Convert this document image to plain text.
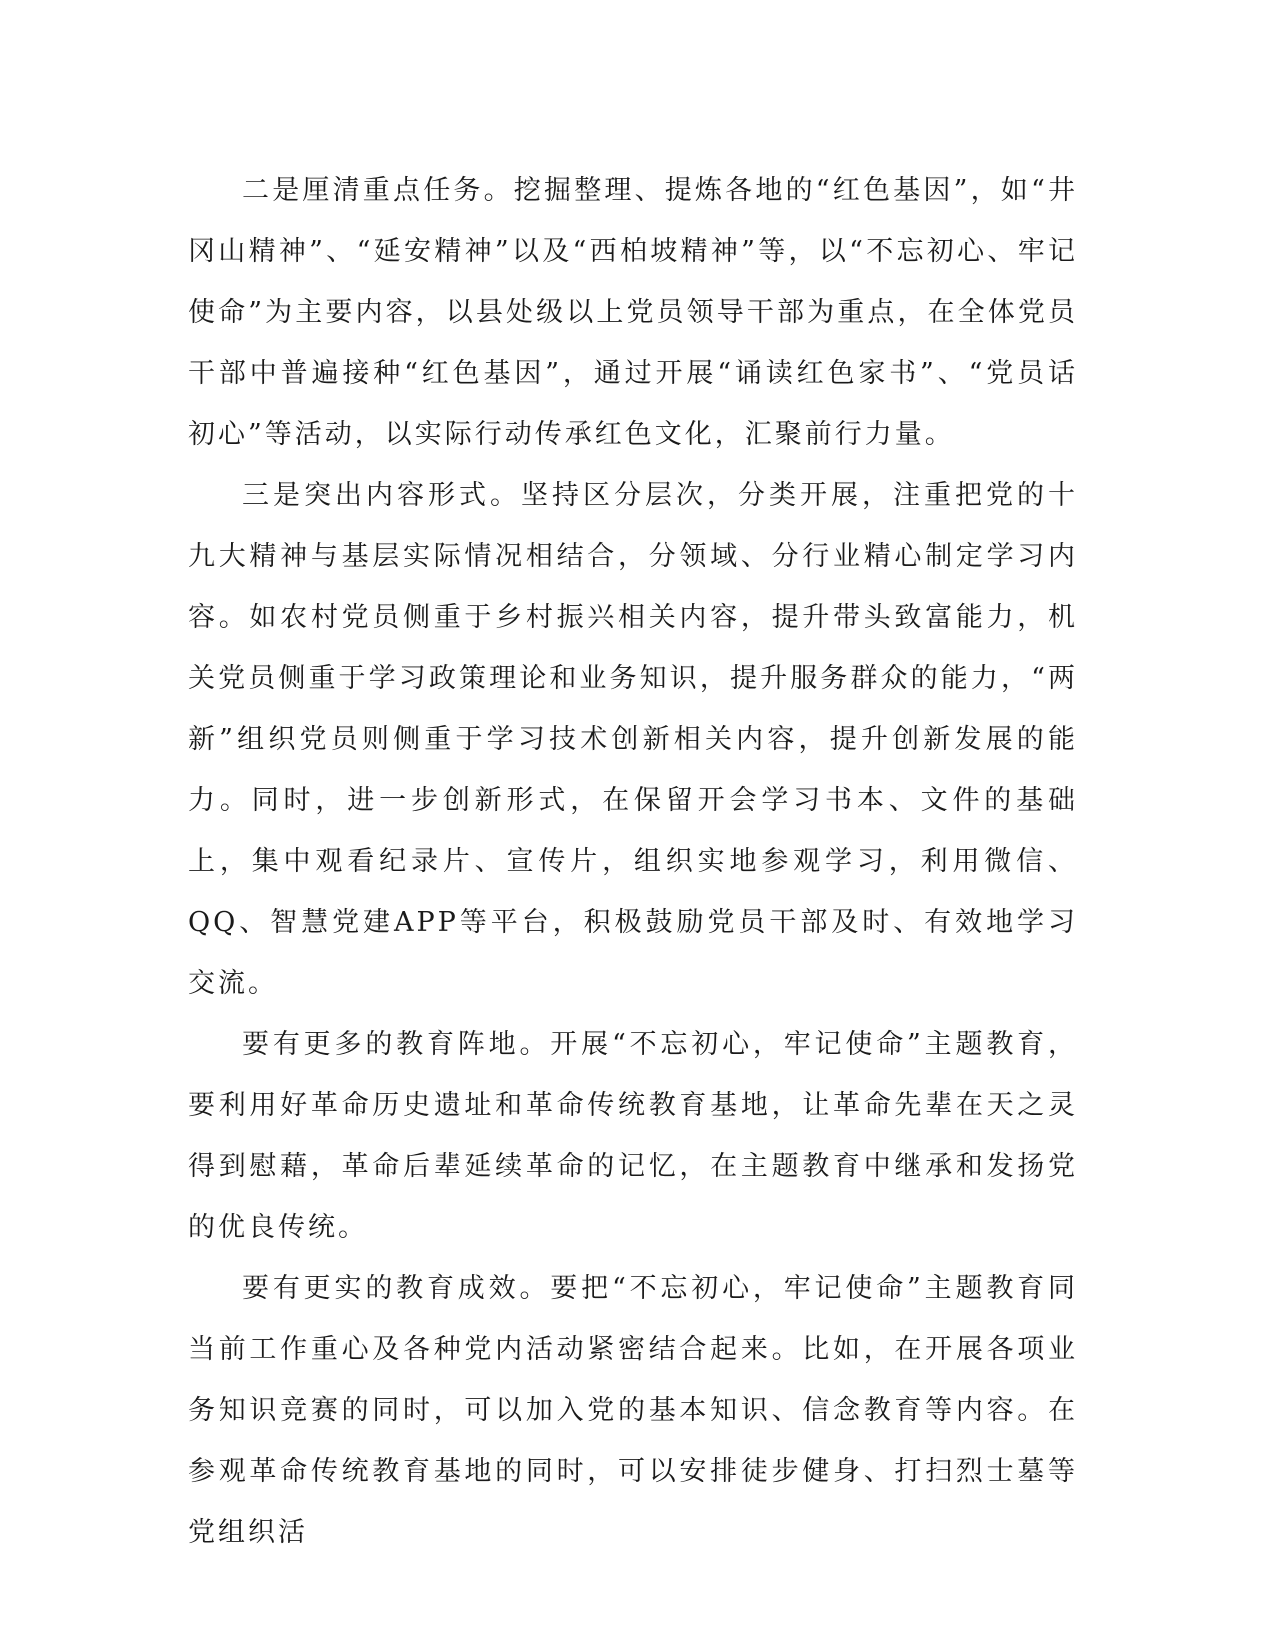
二是厘清重点任务。挖掘整理、提炼各地的“红色基因”，如“井冈山精神”、“延安精神”以及“西柏坡精神”等，以“不忘初心、牢记使命”为主要内容，以县处级以上党员领导干部为重点，在全体党员干部中普遍接种“红色基因”，通过开展“诵读红色家书”、“党员话初心”等活动，以实际行动传承红色文化，汇聚前行力量。

三是突出内容形式。坚持区分层次，分类开展，注重把党的十九大精神与基层实际情况相结合，分领域、分行业精心制定学习内容。如农村党员侧重于乡村振兴相关内容，提升带头致富能力，机关党员侧重于学习政策理论和业务知识，提升服务群众的能力，“两新”组织党员则侧重于学习技术创新相关内容，提升创新发展的能力。同时，进一步创新形式，在保留开会学习书本、文件的基础上，集中观看纪录片、宣传片，组织实地参观学习，利用微信、QQ、智慧党建APP等平台，积极鼓励党员干部及时、有效地学习交流。

要有更多的教育阵地。开展“不忘初心，牢记使命”主题教育，要利用好革命历史遗址和革命传统教育基地，让革命先辈在天之灵得到慰藉，革命后辈延续革命的记忆，在主题教育中继承和发扬党的优良传统。

要有更实的教育成效。要把“不忘初心，牢记使命”主题教育同当前工作重心及各种党内活动紧密结合起来。比如，在开展各项业务知识竞赛的同时，可以加入党的基本知识、信念教育等内容。在参观革命传统教育基地的同时，可以安排徒步健身、打扫烈士墓等党组织活
